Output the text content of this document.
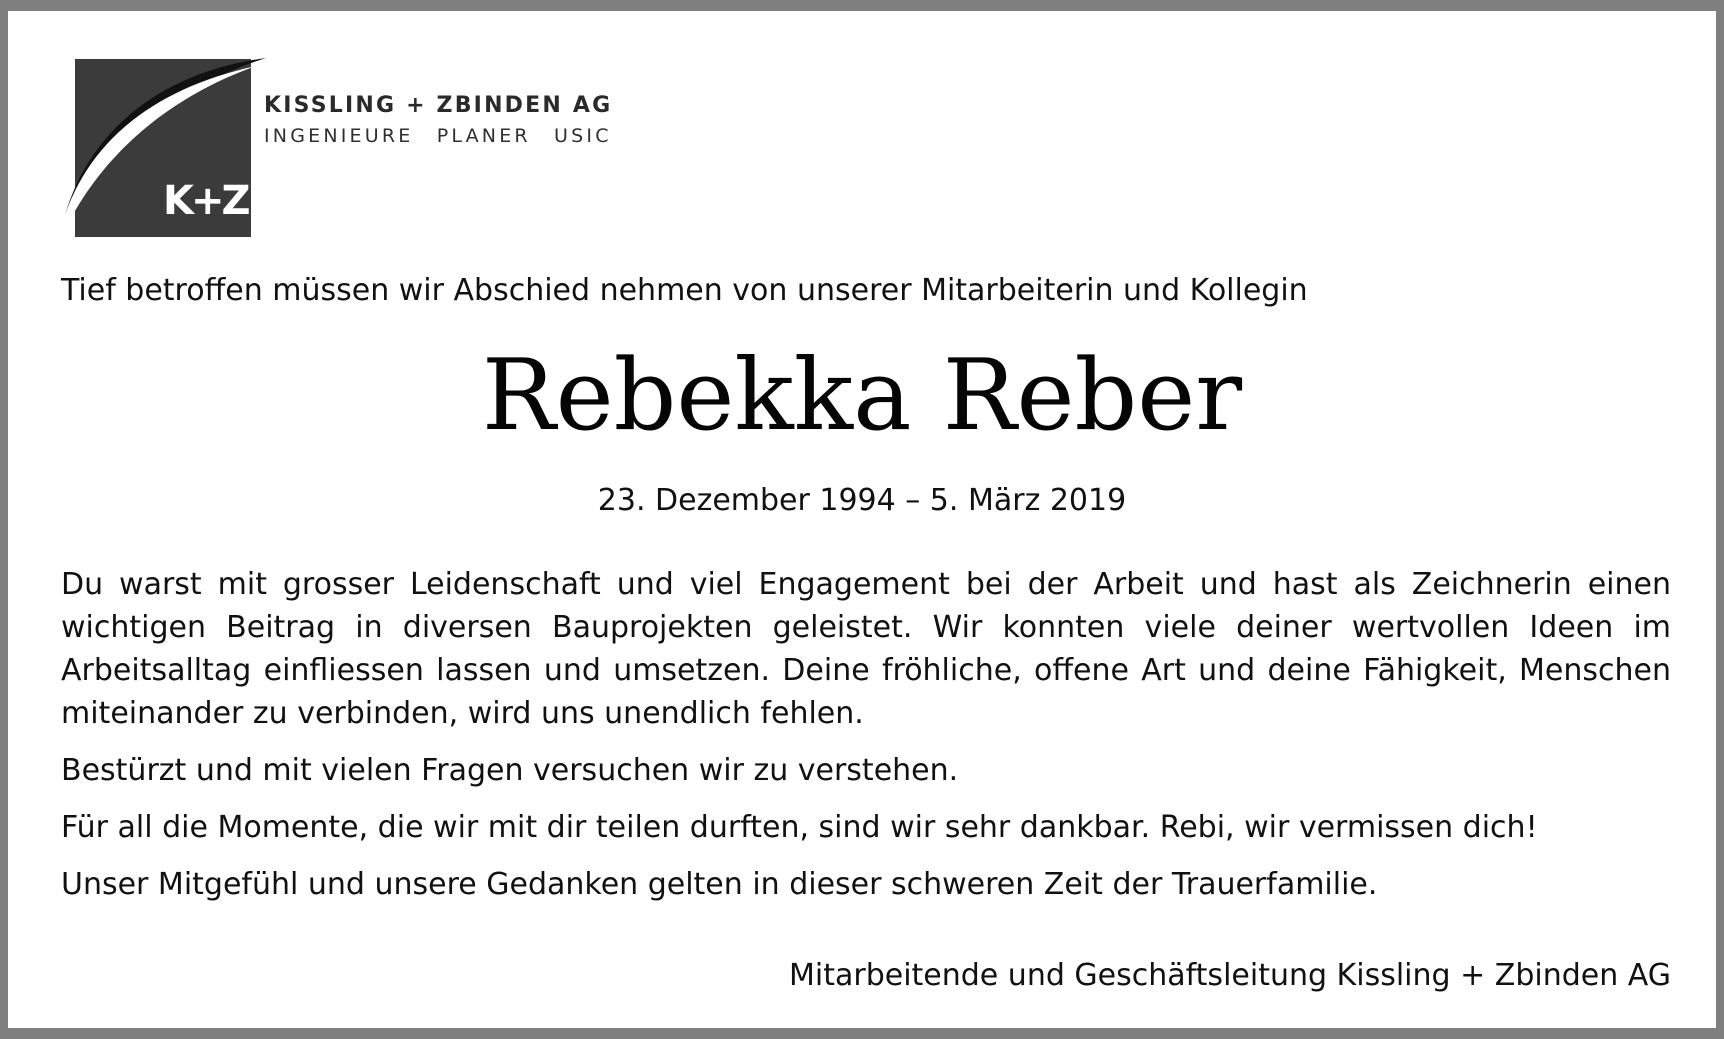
K+Z
KISSLING + ZBINDEN AG
INGENIEURE PLANER USIC
Tief betroffen müssen wir Abschied nehmen von unserer Mitarbeiterin und Kollegin
Rebekka Reber
23. Dezember 1994 – 5. März 2019

Du warst mit grosser Leidenschaft und viel Engagement bei der Arbeit und hast als Zeichnerin einen wichtigen Beitrag in diversen Bauprojekten geleistet. Wir konnten viele deiner wertvollen Ideen im Arbeitsalltag einfliessen lassen und umsetzen. Deine fröhliche, offene Art und deine Fähigkeit, Menschen miteinander zu verbinden, wird uns unendlich fehlen.

Bestürzt und mit vielen Fragen versuchen wir zu verstehen.

Für all die Momente, die wir mit dir teilen durften, sind wir sehr dankbar. Rebi, wir vermissen dich!

Unser Mitgefühl und unsere Gedanken gelten in dieser schweren Zeit der Trauerfamilie.

Mitarbeitende und Geschäftsleitung Kissling + Zbinden AG
